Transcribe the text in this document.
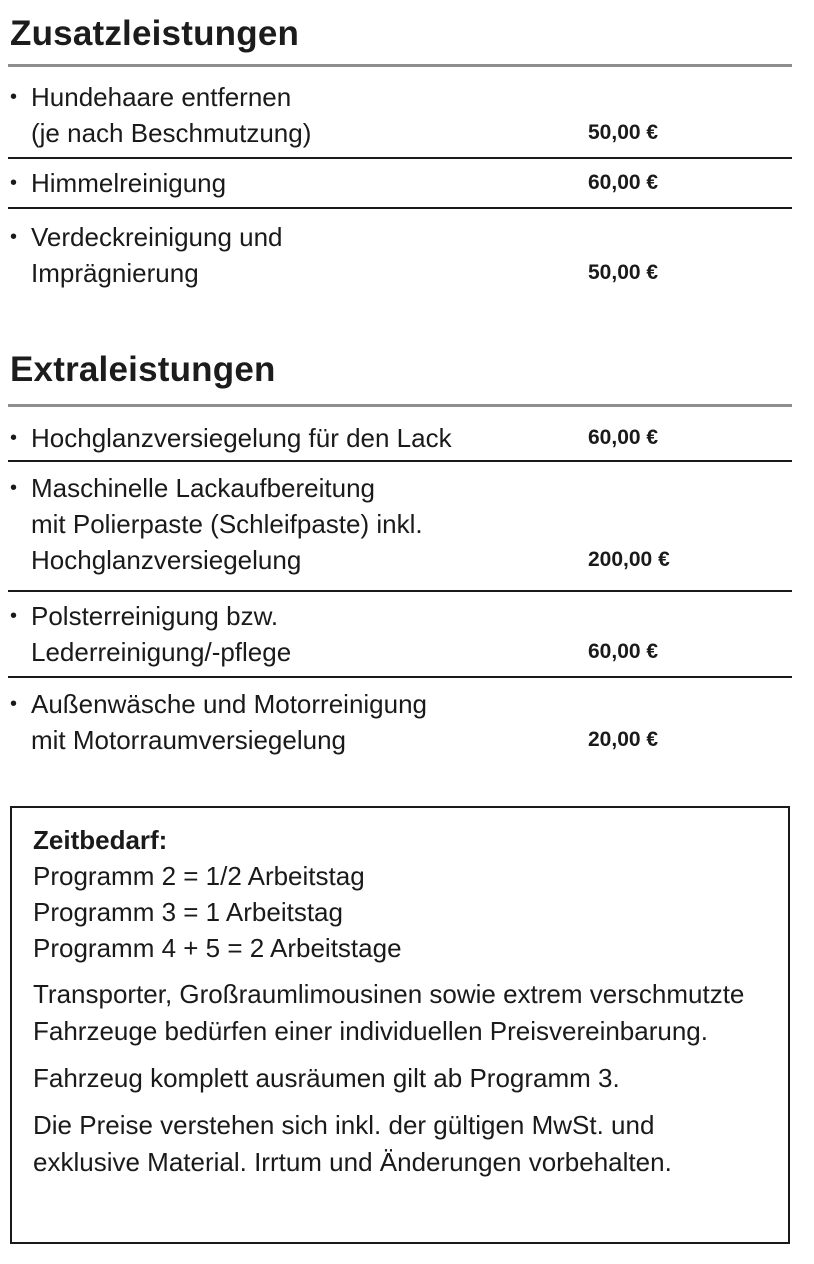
Zusatzleistungen
• Hundehaare entfernen
(je nach Beschmutzung)	50,00 €
• Himmelreinigung	60,00 €
• Verdeckreinigung und
Imprägnierung	50,00 €
Extraleistungen
• Hochglanzversiegelung für den Lack	60,00 €
• Maschinelle Lackaufbereitung
mit Polierpaste (Schleifpaste) inkl.
Hochglanzversiegelung	200,00 €
• Polsterreinigung bzw.
Lederreinigung/-pflege	60,00 €
• Außenwäsche und Motorreinigung
mit Motorraumversiegelung	20,00 €

Zeitbedarf:

Programm 2 = 1/2 Arbeitstag

Programm 3 = 1 Arbeitstag

Programm 4 + 5 = 2 Arbeitstage

Transporter, Großraumlimousinen sowie extrem verschmutzte Fahrzeuge bedürfen einer individuellen Preisvereinbarung.

Fahrzeug komplett ausräumen gilt ab Programm 3.

Die Preise verstehen sich inkl. der gültigen MwSt. und exklusive Material. Irrtum und Änderungen vorbehalten.
